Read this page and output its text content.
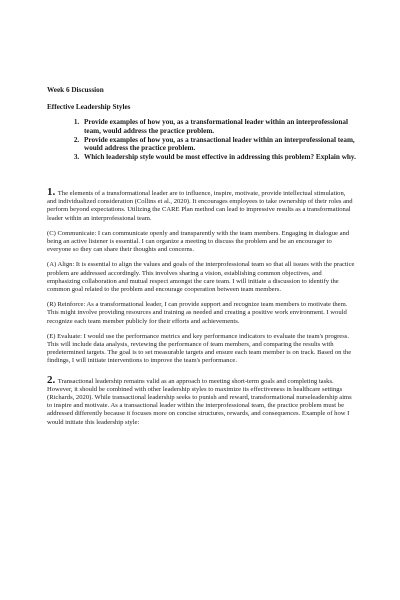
Week 6 Discussion

Effective Leadership Styles

1. Provide examples of how you, as a transformational leader within an interprofessional team, would address the practice problem.
2. Provide examples of how you, as a transactional leader within an interprofessional team, would address the practice problem.
3. Which leadership style would be most effective in addressing this problem? Explain why.

1. The elements of a transformational leader are to influence, inspire, motivate, provide intellectual stimulation, and individualized consideration (Collins et al., 2020). It encourages employees to take ownership of their roles and perform beyond expectations. Utilizing the CARE Plan method can lead to impressive results as a transformational leader within an interprofessional team.

(C) Communicate: I can communicate openly and transparently with the team members. Engaging in dialogue and being an active listener is essential. I can organize a meeting to discuss the problem and be an encourager to everyone so they can share their thoughts and concerns.

(A) Align: It is essential to align the values and goals of the interprofessional team so that all issues with the practice problem are addressed accordingly. This involves sharing a vision, establishing common objectives, and emphasizing collaboration and mutual respect amongst the care team. I will initiate a discussion to identify the common goal related to the problem and encourage cooperation between team members.

(R) Reinforce: As a transformational leader, I can provide support and recognize team members to motivate them. This might involve providing resources and training as needed and creating a positive work environment. I would recognize each team member publicly for their efforts and achievements.

(E) Evaluate: I would use the performance metrics and key performance indicators to evaluate the team's progress. This will include data analysis, reviewing the performance of team members, and comparing the results with predetermined targets. The goal is to set measurable targets and ensure each team member is on track. Based on the findings, I will initiate interventions to improve the team's performance.

2. Transactional leadership remains valid as an approach to meeting short-term goals and completing tasks. However, it should be combined with other leadership styles to maximize its effectiveness in healthcare settings (Richards, 2020). While transactional leadership seeks to punish and reward, transformational nurseleadership aims to inspire and motivate. As a transactional leader within the interprofessional team, the practice problem must be addressed differently because it focuses more on concise structures, rewards, and consequences. Example of how I would initiate this leadership style:
